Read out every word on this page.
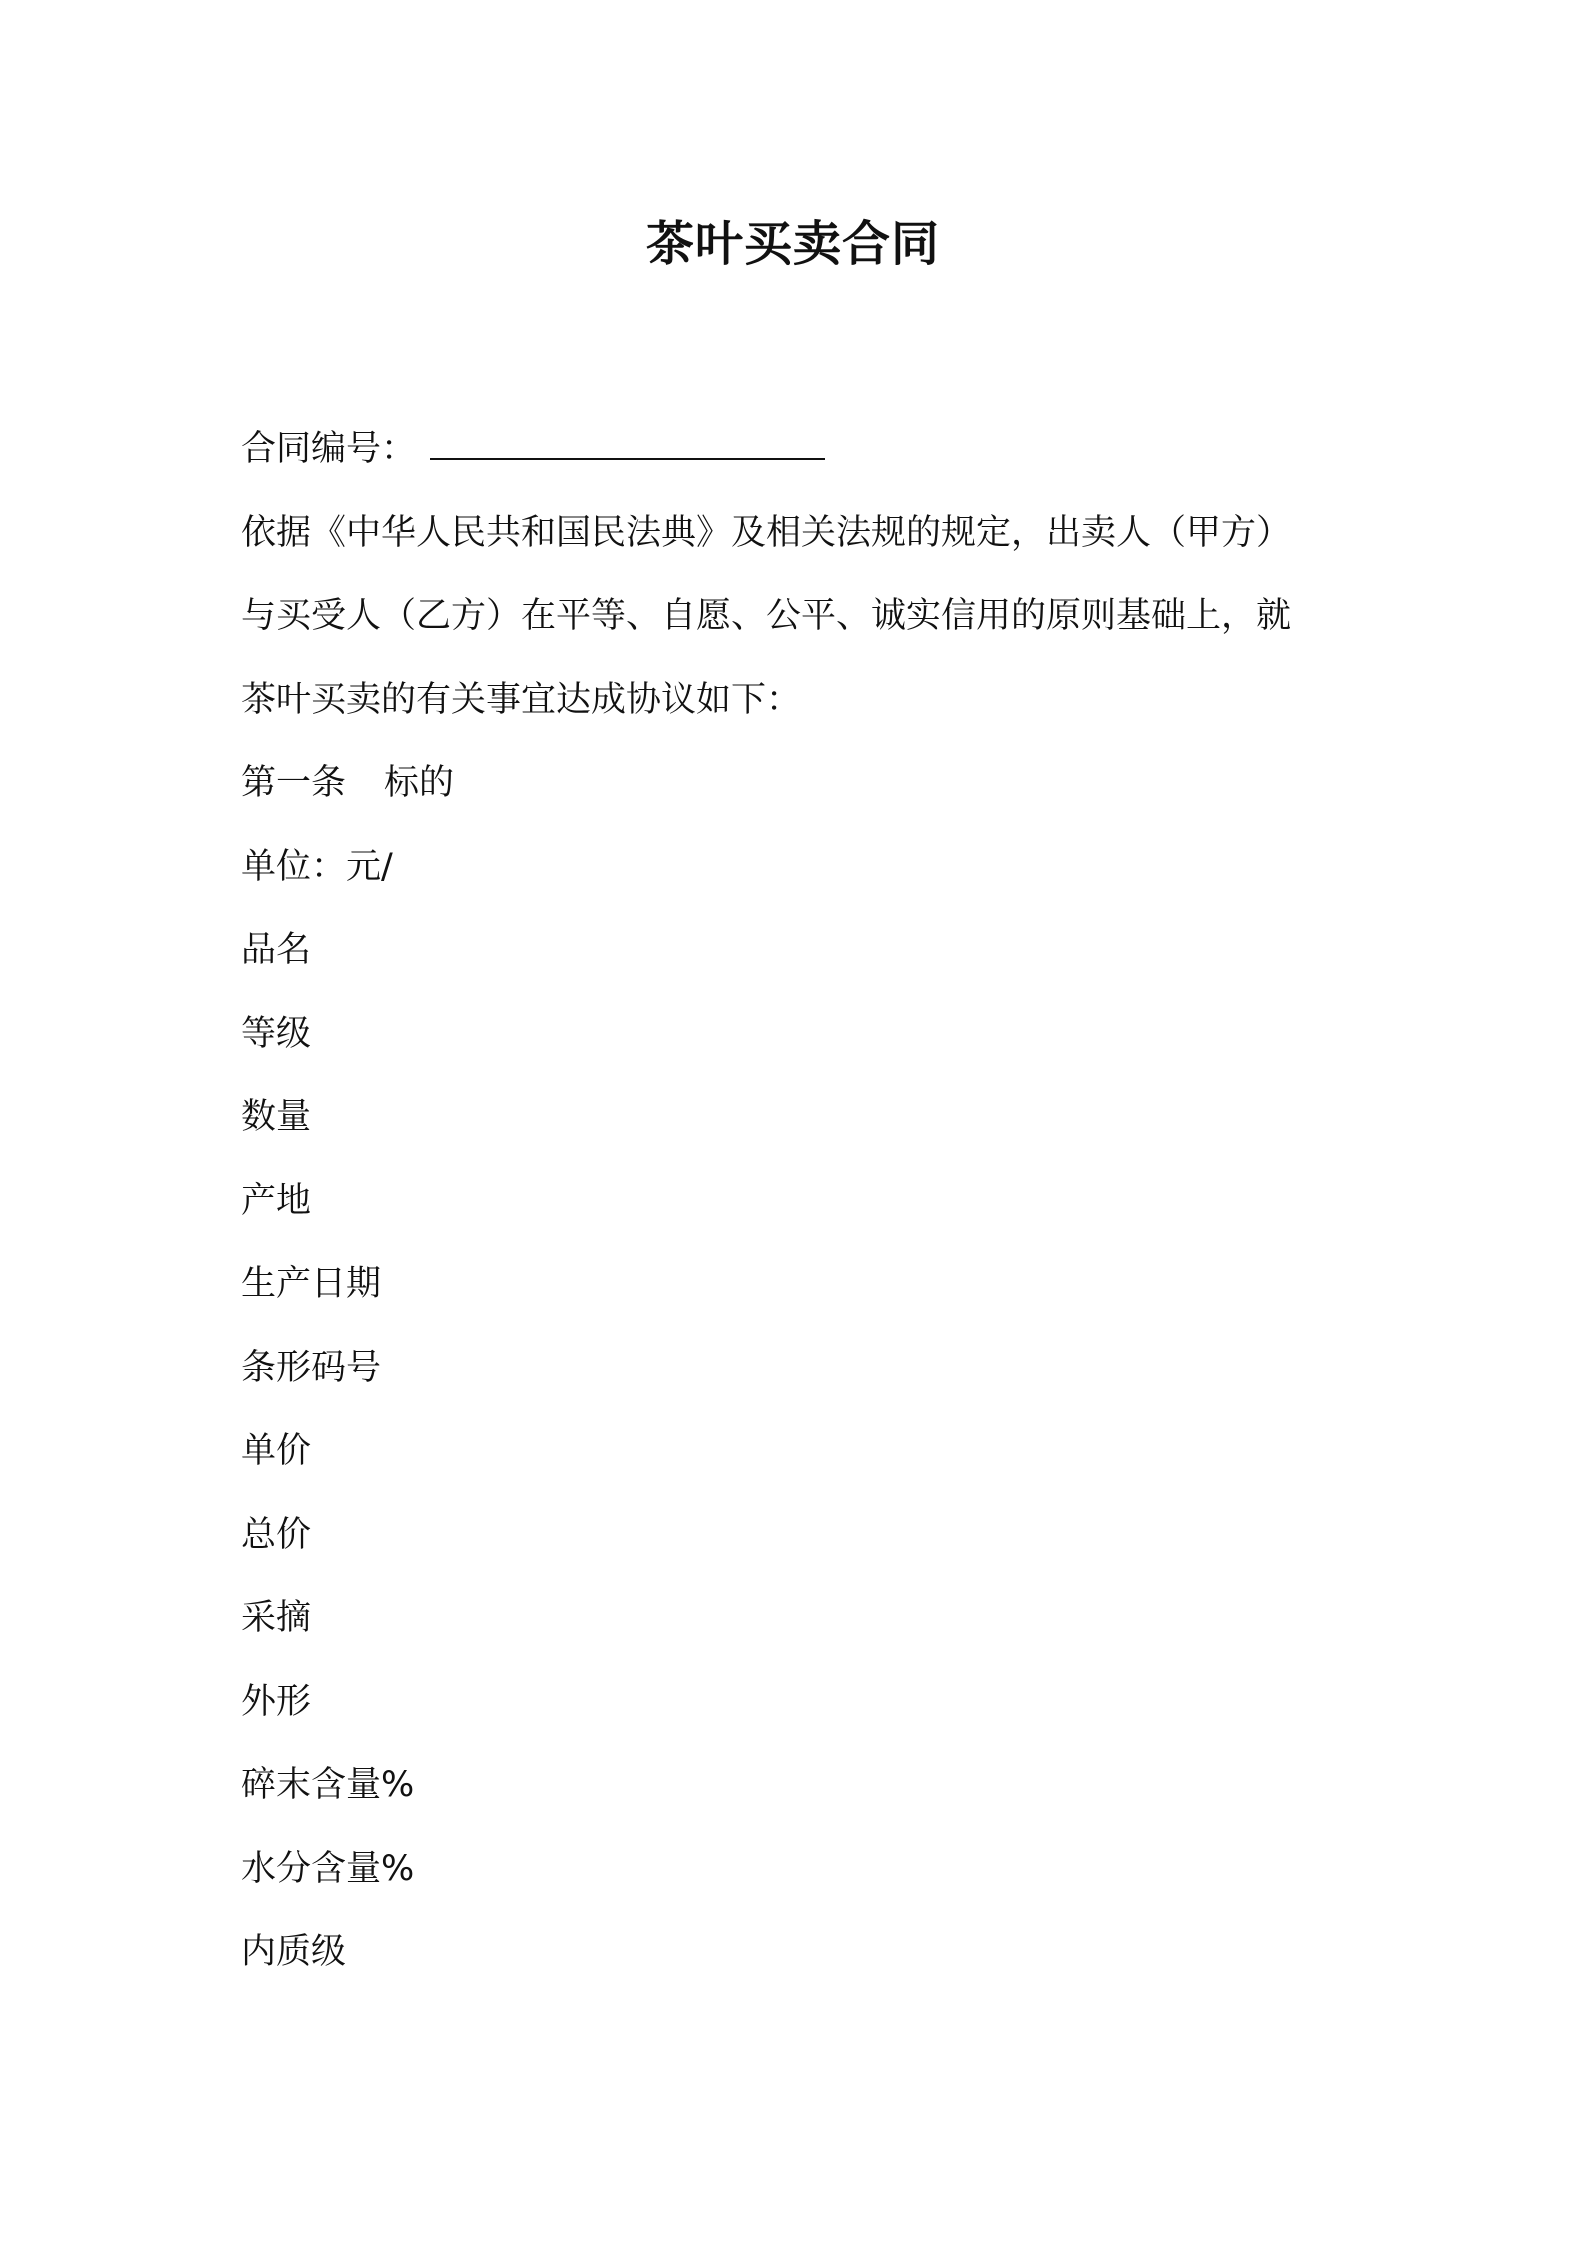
茶叶买卖合同
合同编号：
依据《中华人民共和国民法典》及相关法规的规定，出卖人（甲方）
与买受人（乙方）在平等、自愿、公平、诚实信用的原则基础上，就
茶叶买卖的有关事宜达成协议如下：
第一条 标的
单位：元/
品名
等级
数量
产地
生产日期
条形码号
单价
总价
采摘
外形
碎末含量%
水分含量%
内质级
